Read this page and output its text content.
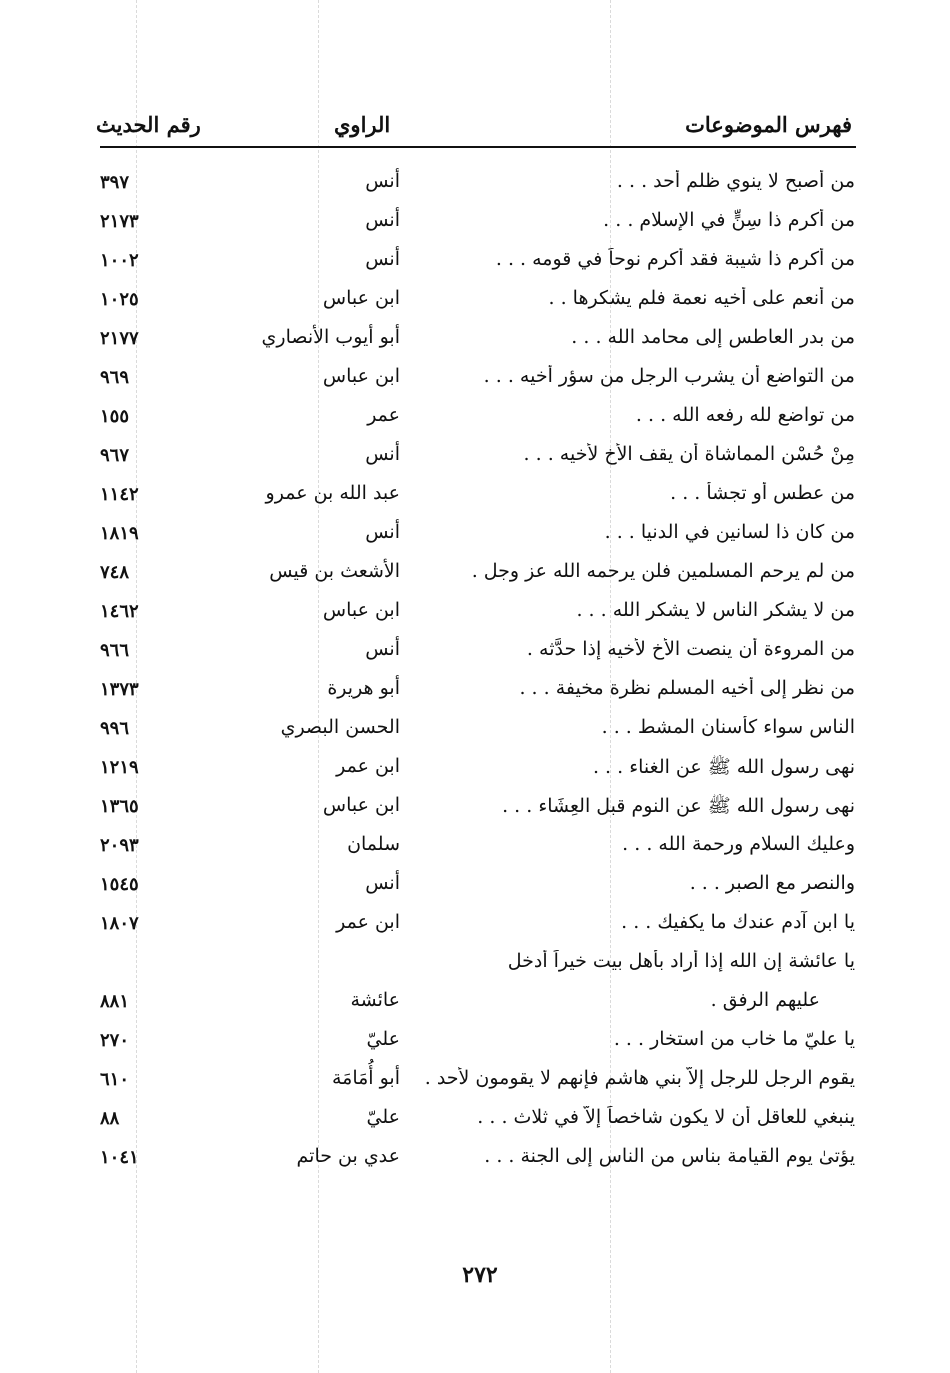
فهرس الموضوعات
الراوي
رقم الحديث
من أصبح لا ينوي ظلم أحد . . .
أنس
٣٩٧
من أكرم ذا سِنٍّ في الإسلام . . .
أنس
٢١٧٣
من أكرم ذا شيبة فقد أكرم نوحاً في قومه . . .
أنس
١٠٠٢
من أنعم على أخيه نعمة فلم يشكرها . .
ابن عباس
١٠٢٥
من بدر العاطس إلى محامد الله . . .
أبو أيوب الأنصاري
٢١٧٧
من التواضع أن يشرب الرجل من سؤر أخيه . . .
ابن عباس
٩٦٩
من تواضع لله رفعه الله . . .
عمر
١٥٥
مِنْ حُسْنِ المماشاة أن يقف الأخ لأخيه . . .
أنس
٩٦٧
من عطس أو تجشأ . . .
عبد الله بن عمرو
١١٤٢
من كان ذا لسانين في الدنيا . . .
أنس
١٨١٩
من لم يرحم المسلمين فلن يرحمه الله عز وجل .
الأشعث بن قيس
٧٤٨
من لا يشكر الناس لا يشكر الله . . .
ابن عباس
١٤٦٢
من المروءة أن ينصت الأخ لأخيه إذا حدَّثه .
أنس
٩٦٦
من نظر إلى أخيه المسلم نظرة مخيفة . . .
أبو هريرة
١٣٧٣
الناس سواء كأسنان المشط . . .
الحسن البصري
٩٩٦
نهى رسول الله ﷺ عن الغناء . . .
ابن عمر
١٢١٩
نهى رسول الله ﷺ عن النوم قبل العِشَاء . . .
ابن عباس
١٣٦٥
وعليك السلام ورحمة الله . . .
سلمان
٢٠٩٣
والنصر مع الصبر . . .
أنس
١٥٤٥
يا ابن آدم عندك ما يكفيك . . .
ابن عمر
١٨٠٧
يا عائشة إن الله إذا أراد بأهل بيت خيراً أدخل
عليهم الرفق .
عائشة
٨٨١
يا عليّ ما خاب من استخار . . .
عليّ
٢٧٠
يقوم الرجل للرجل إلاّ بني هاشم فإنهم لا يقومون لأحد .
أبو أُمَامَة
٦١٠
ينبغي للعاقل أن لا يكون شاخصاً إلاّ في ثلاث . . .
عليّ
٨٨
يؤتىٰ يوم القيامة بناس من الناس إلى الجنة . . .
عدي بن حاتم
١٠٤١
٢٧٢
